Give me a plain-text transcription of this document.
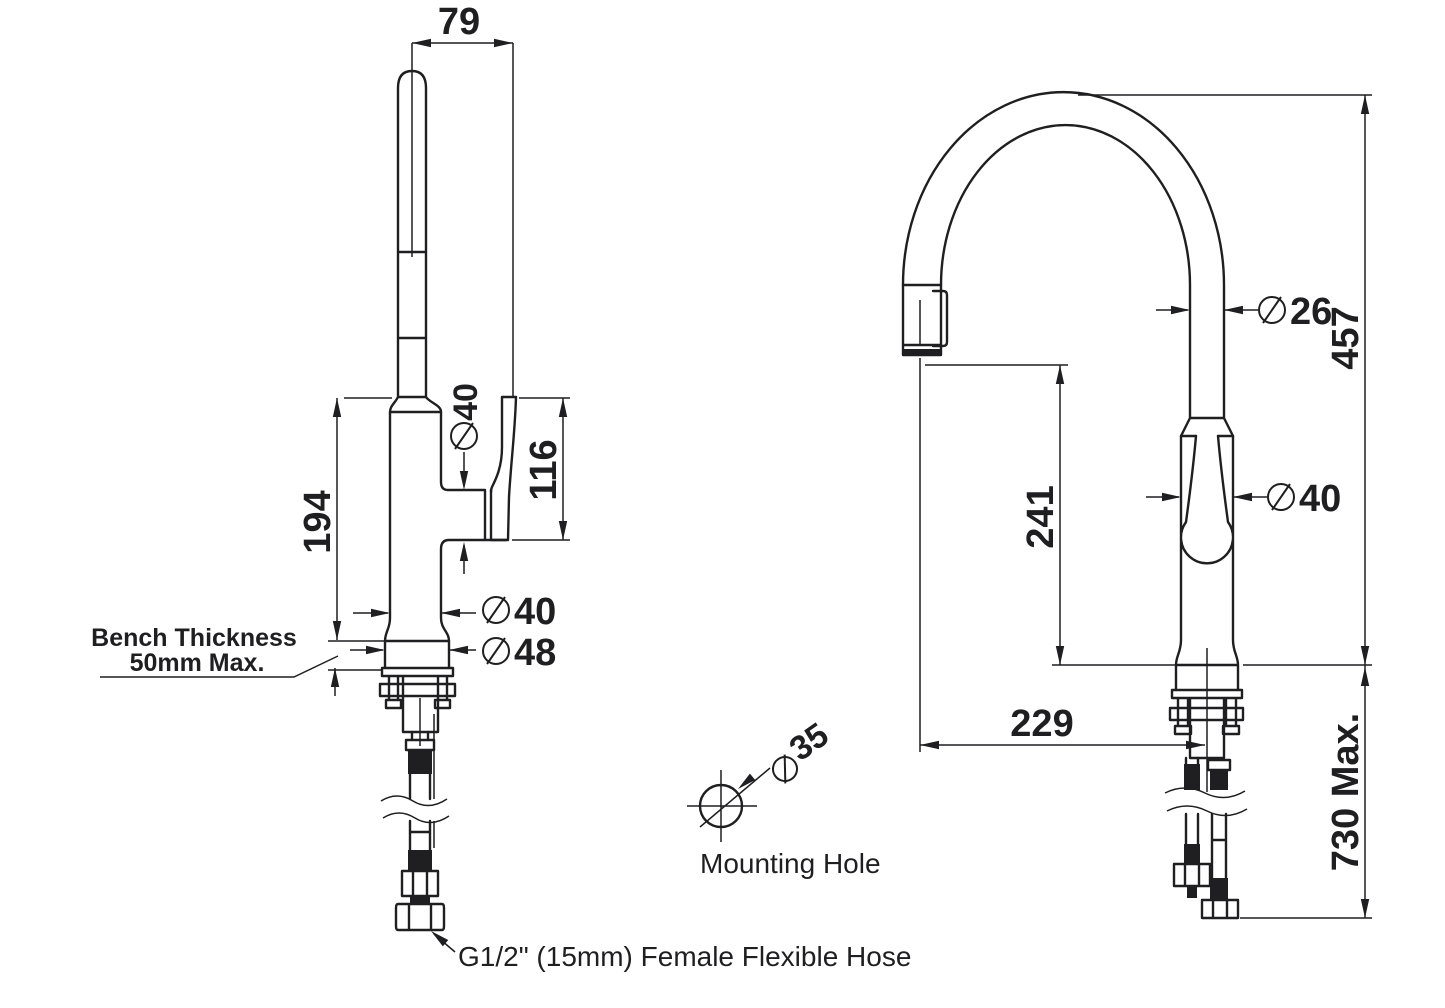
79
194
116
40
40
48
Bench Thickness
50mm Max.
G1/2" (15mm) Female Flexible Hose
35
Mounting Hole
26
457
241	40
229	730 Max.
